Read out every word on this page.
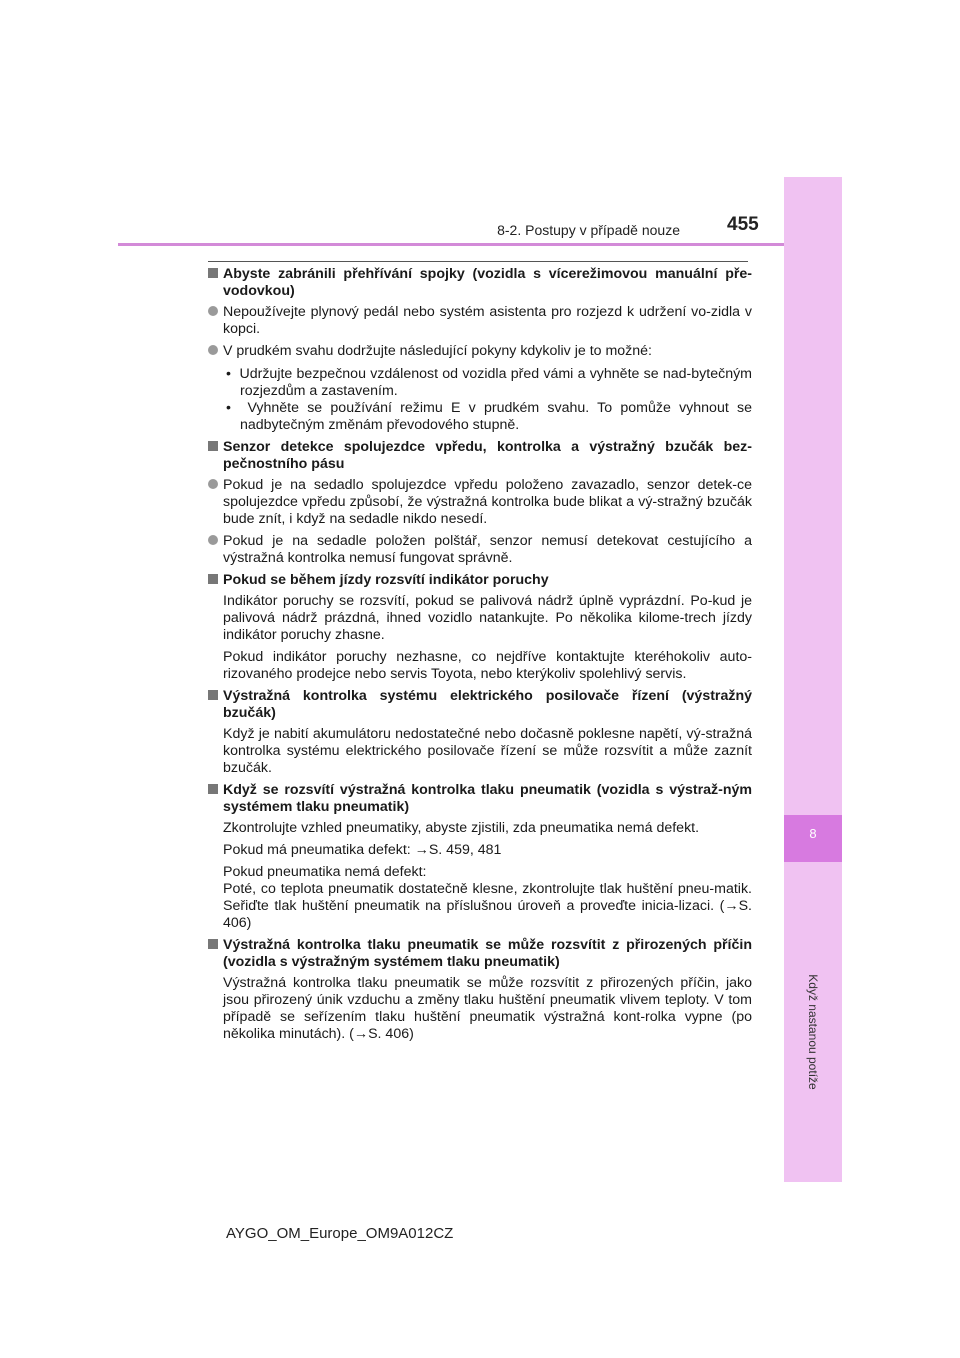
8
Když nastanou potíže
8-2. Postupy v případě nouze 455
Abyste zabránili přehřívání spojky (vozidla s vícerežimovou manuální pře-vodovkou)
Nepoužívejte plynový pedál nebo systém asistenta pro rozjezd k udržení vo-zidla v kopci.
V prudkém svahu dodržujte následující pokyny kdykoliv je to možné:
•  Udržujte bezpečnou vzdálenost od vozidla před vámi a vyhněte se nad-bytečným rozjezdům a zastavením.
•  Vyhněte se používání režimu E v prudkém svahu. To pomůže vyhnout se nadbytečným změnám převodového stupně.
Senzor detekce spolujezdce vpředu, kontrolka a výstražný bzučák bez-pečnostního pásu
Pokud je na sedadlo spolujezdce vpředu položeno zavazadlo, senzor detek-ce spolujezdce vpředu způsobí, že výstražná kontrolka bude blikat a vý-stražný bzučák bude znít, i když na sedadle nikdo nesedí.
Pokud je na sedadle položen polštář, senzor nemusí detekovat cestujícího a výstražná kontrolka nemusí fungovat správně.
Pokud se během jízdy rozsvítí indikátor poruchy
Indikátor poruchy se rozsvítí, pokud se palivová nádrž úplně vyprázdní. Po-kud je palivová nádrž prázdná, ihned vozidlo natankujte. Po několika kilome-trech jízdy indikátor poruchy zhasne.
Pokud indikátor poruchy nezhasne, co nejdříve kontaktujte kteréhokoliv auto-rizovaného prodejce nebo servis Toyota, nebo kterýkoliv spolehlivý servis.
Výstražná kontrolka systému elektrického posilovače řízení (výstražný bzučák)
Když je nabití akumulátoru nedostatečné nebo dočasně poklesne napětí, vý-stražná kontrolka systému elektrického posilovače řízení se může rozsvítit a může zaznít bzučák.
Když se rozsvítí výstražná kontrolka tlaku pneumatik (vozidla s výstraž-ným systémem tlaku pneumatik)
Zkontrolujte vzhled pneumatiky, abyste zjistili, zda pneumatika nemá defekt.
Pokud má pneumatika defekt: →S. 459, 481
Pokud pneumatika nemá defekt:
Poté, co teplota pneumatik dostatečně klesne, zkontrolujte tlak huštění pneu-matik. Seřiďte tlak huštění pneumatik na příslušnou úroveň a proveďte inicia-lizaci. (→S. 406)
Výstražná kontrolka tlaku pneumatik se může rozsvítit z přirozených příčin (vozidla s výstražným systémem tlaku pneumatik)
Výstražná kontrolka tlaku pneumatik se může rozsvítit z přirozených příčin, jako jsou přirozený únik vzduchu a změny tlaku huštění pneumatik vlivem teploty. V tom případě se seřízením tlaku huštění pneumatik výstražná kont-rolka vypne (po několika minutách). (→S. 406)
AYGO_OM_Europe_OM9A012CZ
